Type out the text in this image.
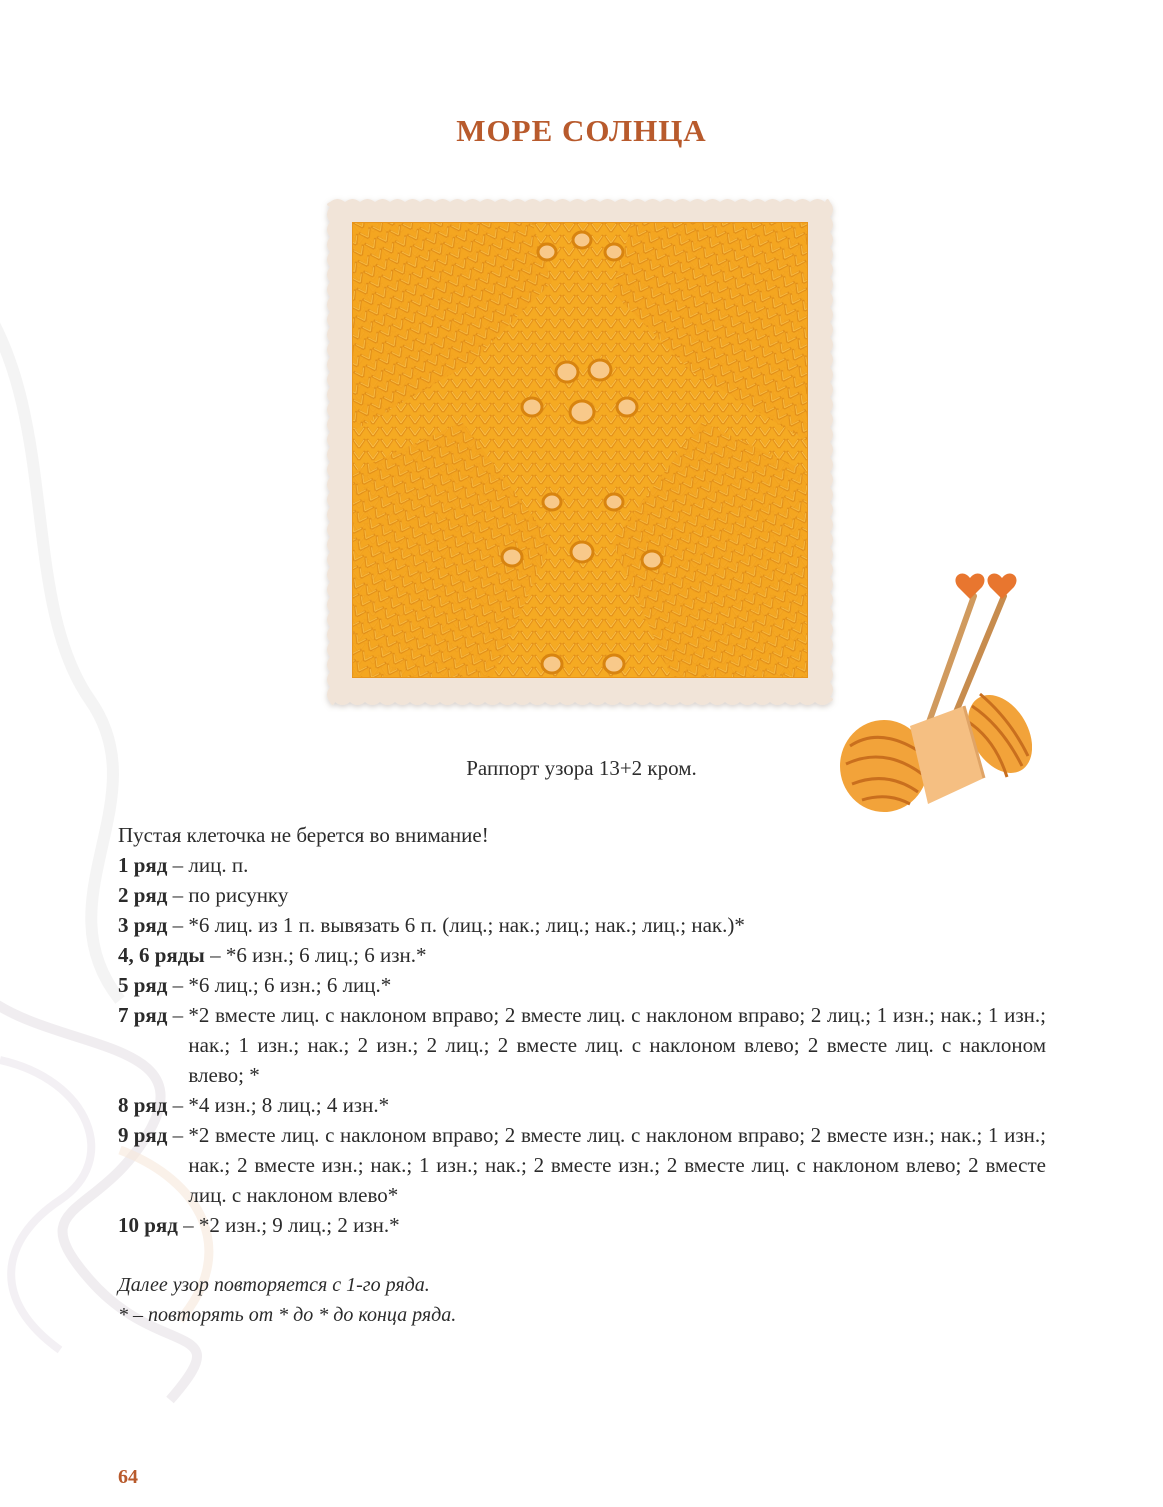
МОРЕ СОЛНЦА
Раппорт узора 13+2 кром.

Пустая клеточка не берется во внимание!

1 ряд – лиц. п.
2 ряд – по рисунку
3 ряд – *6 лиц. из 1 п. вывязать 6 п. (лиц.; нак.; лиц.; нак.; лиц.; нак.)*
4, 6 ряды – *6 изн.; 6 лиц.; 6 изн.*
5 ряд – *6 лиц.; 6 изн.; 6 лиц.*
7 ряд – *2 вместе лиц. с наклоном вправо; 2 вместе лиц. с наклоном вправо; 2 лиц.; 1 изн.; нак.; 1 изн.; нак.; 1 изн.; нак.; 2 изн.; 2 лиц.; 2 вместе лиц. с наклоном влево; 2 вместе лиц. с наклоном влево; *
8 ряд – *4 изн.; 8 лиц.; 4 изн.*
9 ряд – *2 вместе лиц. с наклоном вправо; 2 вместе лиц. с наклоном вправо; 2 вместе изн.; нак.; 1 изн.; нак.; 2 вместе изн.; нак.; 1 изн.; нак.; 2 вместе изн.; 2 вместе лиц. с наклоном влево; 2 вместе лиц. с наклоном влево*
10 ряд – *2 изн.; 9 лиц.; 2 изн.*

Далее узор повторяется с 1-го ряда.

* – повторять от * до * до конца ряда.

64
